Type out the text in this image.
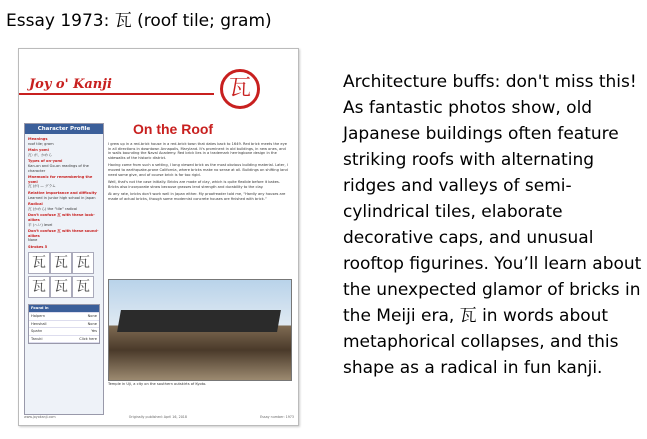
Essay 1973: 瓦 (roof tile; gram)
Joy o' Kanji	瓦
Character Profile
Meanings
roof tile; gram
Main yomi
瓦: が，かわら
Types of on-yomi
Kan-on and Go-on readings of the character
Mnemonic for remembering the yomi
瓦 (が) — グラム
Relative importance and difficulty
Learned in junior high school in Japan
Radical
瓦 (かわら) the “tile” radical
Don't confuse 瓦 with these look-alikes
平 (へい) level
Don't confuse 瓦 with these sound-alikes
None
Strokes 5
瓦 瓦 瓦
瓦 瓦 瓦
Found in
Halpern	None
Henshall	None
Spahn	Yes
Tanuki	Click here
On the Roof

I grew up in a red-brick house in a red-brick town that dates back to 1649. Red brick meets the eye in all directions in downtown Annapolis, Maryland. It's prominent in old buildings, in new ones, and in walls bounding the Naval Academy. Red brick lies in a trademark herringbone design in the sidewalks of the historic district.

Having come from such a setting, I long viewed brick as the most obvious building material. Later, I moved to earthquake-prone California, where bricks make no sense at all. Buildings on shifting land need some give, and of course brick is far too rigid.

Well, that's not the case initially. Bricks are made of clay, which is quite flexible before it bakes. Bricks also incorporate straw because grasses lend strength and durability to the clay.

At any rate, bricks don't work well in Japan either. My proofreader told me, “Hardly any houses are made of actual bricks, though some modernist concrete houses are finished with brick.”

Temple in Uji, a city on the southern outskirts of Kyoto.
www.joyokanji.com	Originally published: April 16, 2018	Essay number: 1973
Architecture buffs: don't miss this! As fantastic photos show, old Japanese buildings often feature striking roofs with alternating ridges and valleys of semi-cylindrical tiles, elaborate decorative caps, and unusual rooftop figurines. You’ll learn about the unexpected glamor of bricks in the Meiji era, 瓦 in words about metaphorical collapses, and this shape as a radical in fun kanji.
